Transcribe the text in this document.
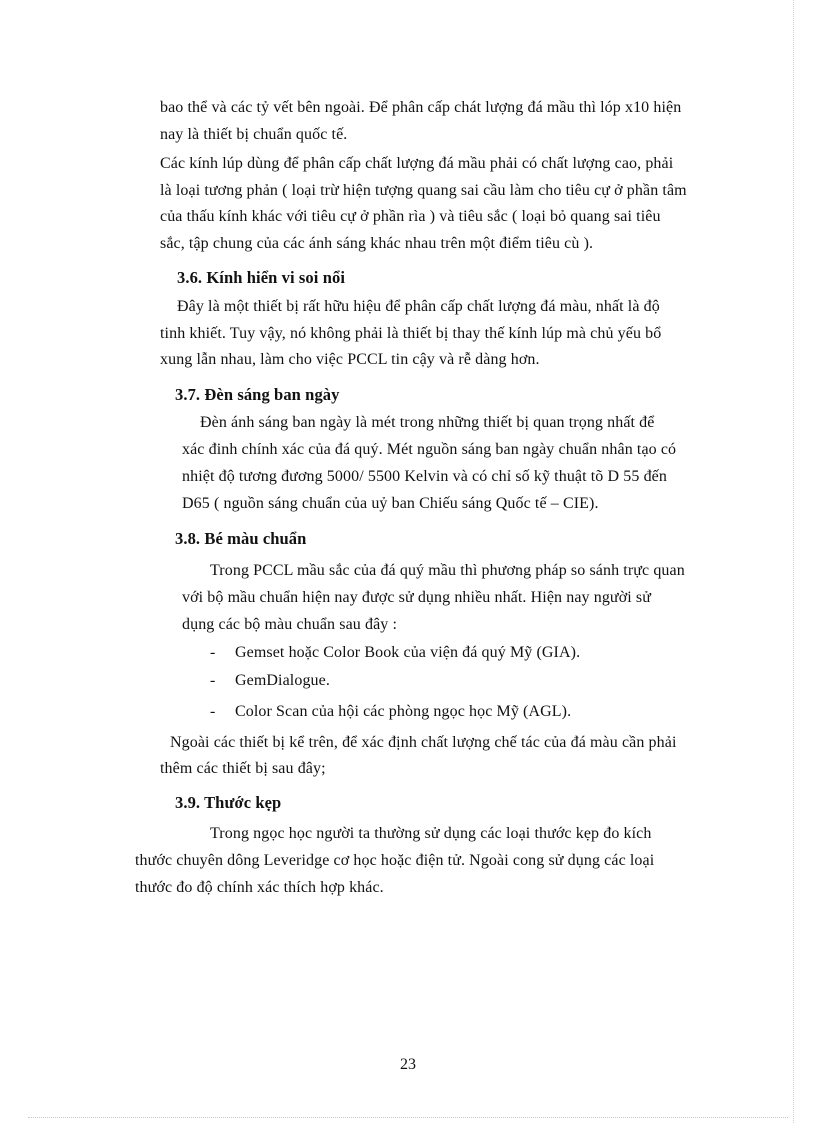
bao thể và các tỷ vết bên ngoài. Để phân cấp chát lượng đá mầu thì lóp x10 hiện
nay là thiết bị chuẩn quốc tế.
Các kính lúp dùng để phân cấp chất lượng đá mầu phải có chất lượng cao, phải
là loại tương phản ( loại trừ hiện tượng quang sai cầu làm cho tiêu cự ở phần tâm
của thấu kính khác với tiêu cự ở phần rìa ) và tiêu sắc ( loại bỏ quang sai tiêu
sắc, tập chung của các ánh sáng khác nhau trên một điểm tiêu cù ).
3.6. Kính hiển vi soi nổi
Đây là một thiết bị rất hữu hiệu để phân cấp chất lượng đá màu, nhất là độ
tinh khiết. Tuy vậy, nó không phải là thiết bị thay thế kính lúp mà chủ yếu bổ
xung lẫn nhau, làm cho việc PCCL tin cậy và rễ dàng hơn.
3.7. Đèn sáng ban ngày
Đèn ánh sáng ban ngày là mét trong những thiết bị quan trọng nhất để
xác đinh chính xác của đá quý. Mét nguồn sáng ban ngày chuẩn nhân tạo có
nhiệt độ tương đương 5000/ 5500 Kelvin và có chỉ số kỹ thuật tõ D 55 đến
D65 ( nguồn sáng chuẩn của uỷ ban Chiếu sáng Quốc tế – CIE).
3.8. Bé màu chuẩn
Trong PCCL mầu sắc của đá quý mầu thì phương pháp so sánh trực quan
với bộ mầu chuẩn hiện nay được sử dụng nhiều nhất. Hiện nay người sử
dụng các bộ màu chuẩn sau đây :
- Gemset hoặc Color Book của viện đá quý Mỹ (GIA).
- GemDialogue.
- Color Scan của hội các phòng ngọc học Mỹ (AGL).
Ngoài các thiết bị kể trên, để xác định chất lượng chế tác của đá màu cần phải
thêm các thiết bị sau đây;
3.9. Thước kẹp
Trong ngọc học người ta thường sử dụng các loại thước kẹp đo kích
thước chuyên dông Leveridge cơ học hoặc điện tử. Ngoài cong sử dụng các loại
thước đo độ chính xác thích hợp khác.
23
